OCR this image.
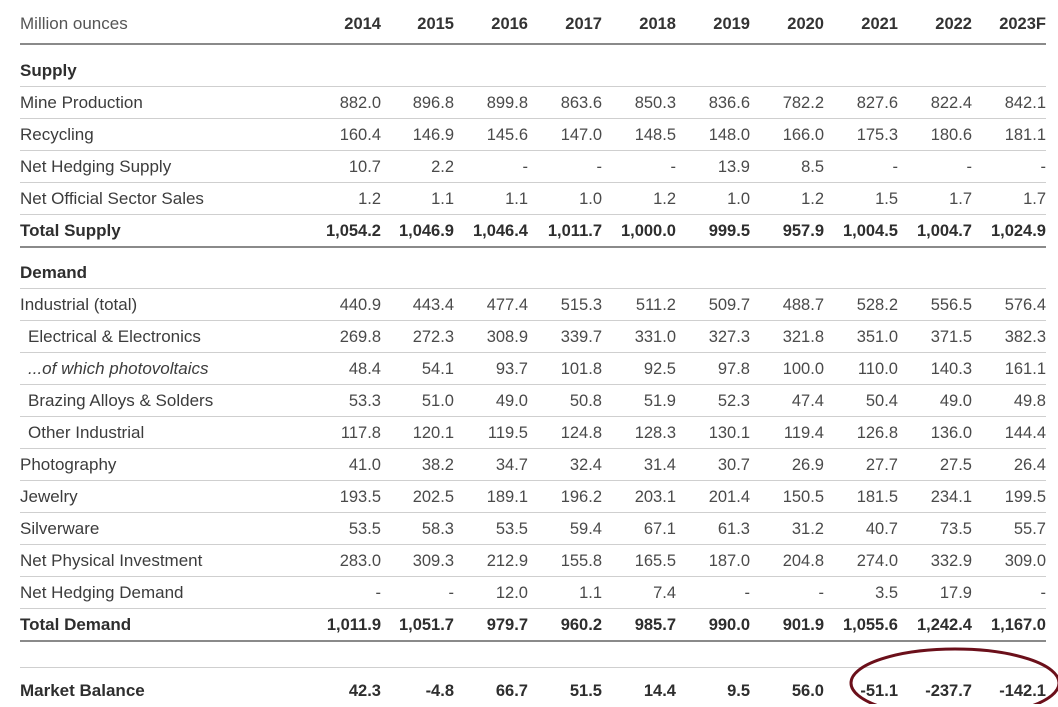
Million ounces	2014 2015 2016 2017 2018 2019 2020 2021 2022 2023F
Supply
Mine Production	882.0 896.8 899.8 863.6 850.3 836.6 782.2 827.6 822.4 842.1
Recycling	160.4 146.9 145.6 147.0 148.5 148.0 166.0 175.3 180.6 181.1
Net Hedging Supply	10.7	2.2	-	-	-	13.9	8.5	-	-	-
Net Official Sector Sales	1.2	1.1	1.1	1.0	1.2	1.0	1.2	1.5	1.7	1.7
Total Supply	1,054.2 1,046.9 1,046.4 1,011.7 1,000.0 999.5 957.9 1,004.5 1,004.7 1,024.9
Demand
Industrial (total)	440.9 443.4 477.4 515.3 511.2 509.7 488.7 528.2 556.5 576.4
Electrical & Electronics	269.8 272.3 308.9 339.7 331.0 327.3 321.8 351.0 371.5 382.3
...of which photovoltaics	48.4 54.1	93.7 101.8	92.5	97.8 100.0 110.0 140.3 161.1
Brazing Alloys & Solders	53.3 51.0	49.0	50.8	51.9	52.3	47.4	50.4	49.0	49.8
Other Industrial	117.8 120.1 119.5 124.8 128.3 130.1 119.4 126.8 136.0 144.4
Photography	41.0 38.2	34.7	32.4	31.4	30.7	26.9	27.7	27.5	26.4
Jewelry	193.5 202.5 189.1 196.2 203.1 201.4 150.5 181.5 234.1 199.5
Silverware	53.5 58.3	53.5	59.4	67.1	61.3	31.2	40.7	73.5	55.7
Net Physical Investment	283.0 309.3 212.9 155.8 165.5 187.0 204.8 274.0 332.9 309.0
Net Hedging Demand	-	-	12.0	1.1	7.4	-	-	3.5	17.9	-
Total Demand	1,011.9 1,051.7 979.7 960.2 985.7 990.0 901.9 1,055.6 1,242.4 1,167.0
Market Balance	42.3	-4.8	66.7	51.5	14.4	9.5	56.0 -51.1 -237.7 -142.1
